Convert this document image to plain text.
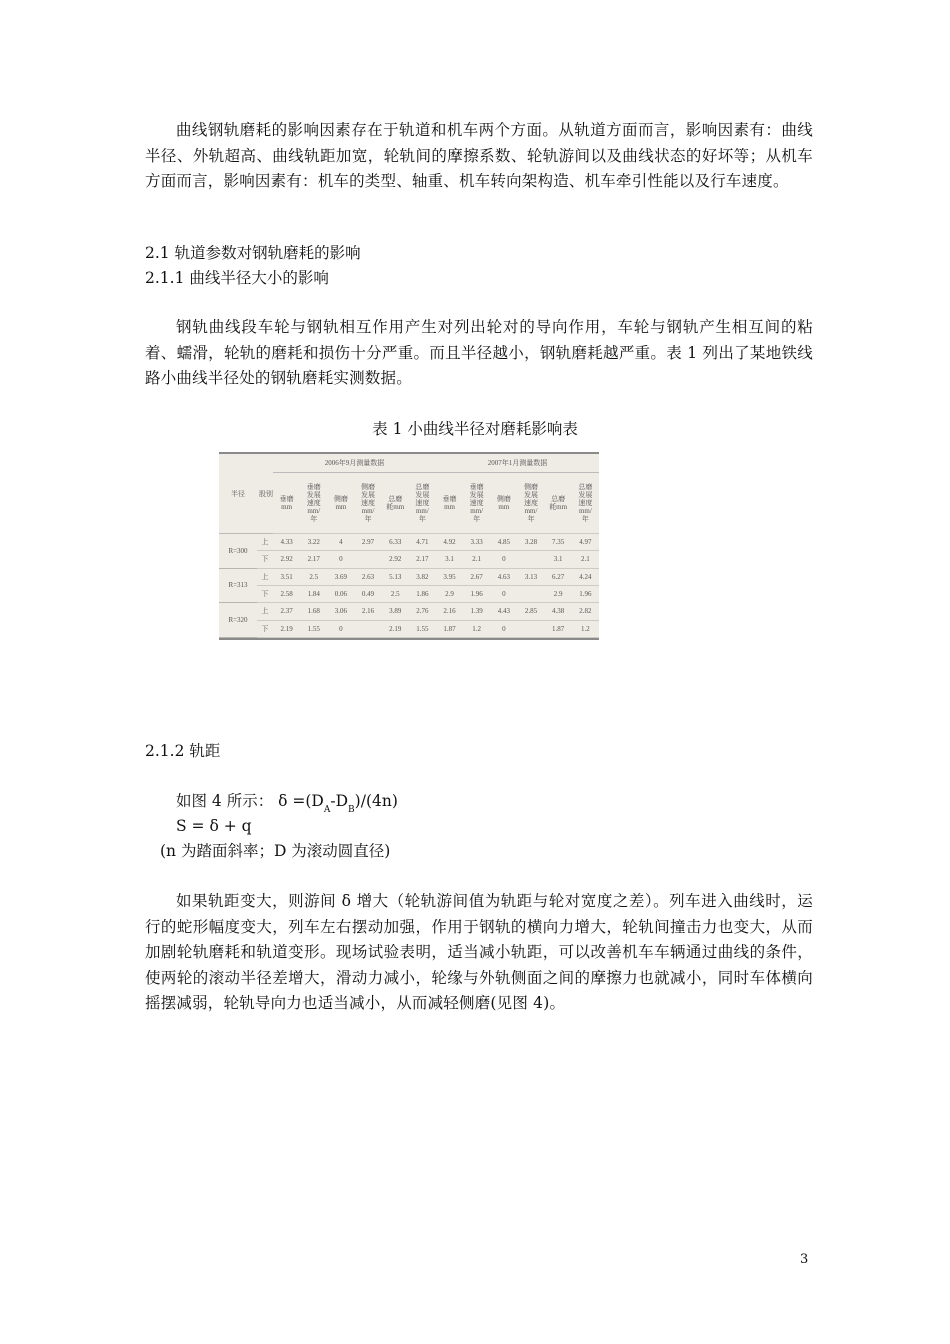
曲线钢轨磨耗的影响因素存在于轨道和机车两个方面。从轨道方面而言，影响因素有：曲线半径、外轨超高、曲线轨距加宽，轮轨间的摩擦系数、轮轨游间以及曲线状态的好坏等；从机车方面而言，影响因素有：机车的类型、轴重、机车转向架构造、机车牵引性能以及行车速度。

2.1 轨道参数对钢轨磨耗的影响

2.1.1 曲线半径大小的影响

钢轨曲线段车轮与钢轨相互作用产生对列出轮对的导向作用，车轮与钢轨产生相互间的粘着、蠕滑，轮轨的磨耗和损伤十分严重。而且半径越小，钢轨磨耗越严重。表 1 列出了某地铁线路小曲线半径处的钢轨磨耗实测数据。

表 1 小曲线半径对磨耗影响表
半径	股别	2006年9月测量数据						2007年1月测量数据					
		垂磨mm	垂磨发展速度mm/年	侧磨mm	侧磨发展速度mm/年	总磨耗mm	总磨发展速度mm/年	垂磨mm	垂磨发展速度mm/年	侧磨mm	侧磨发展速度mm/年	总磨耗mm	总磨发展速度mm/年
R=300	上	4.33	3.22	4	2.97	6.33	4.71	4.92	3.33	4.85	3.28	7.35	4.97
	下	2.92	2.17	0		2.92	2.17	3.1	2.1	0		3.1	2.1
R=313	上	3.51	2.5	3.69	2.63	5.13	3.82	3.95	2.67	4.63	3.13	6.27	4.24
	下	2.58	1.84	0.06	0.49	2.5	1.86	2.9	1.96	0		2.9	1.96
R=320	上	2.37	1.68	3.06	2.16	3.89	2.76	2.16	1.39	4.43	2.85	4.38	2.82
	下	2.19	1.55	0		2.19	1.55	1.87	1.2	0		1.87	1.2

2.1.2 轨距

如图 4 所示： $\delta =(D_A-D_B)/(4n)$

S = δ + q

(n 为踏面斜率；D 为滚动圆直径)

如果轨距变大，则游间 δ 增大（轮轨游间值为轨距与轮对宽度之差）。列车进入曲线时，运行的蛇形幅度变大，列车左右摆动加强，作用于钢轨的横向力增大，轮轨间撞击力也变大，从而加剧轮轨磨耗和轨道变形。现场试验表明，适当减小轨距，可以改善机车车辆通过曲线的条件，使两轮的滚动半径差增大，滑动力减小，轮缘与外轨侧面之间的摩擦力也就减小，同时车体横向摇摆减弱，轮轨导向力也适当减小，从而减轻侧磨(见图 4)。

3
